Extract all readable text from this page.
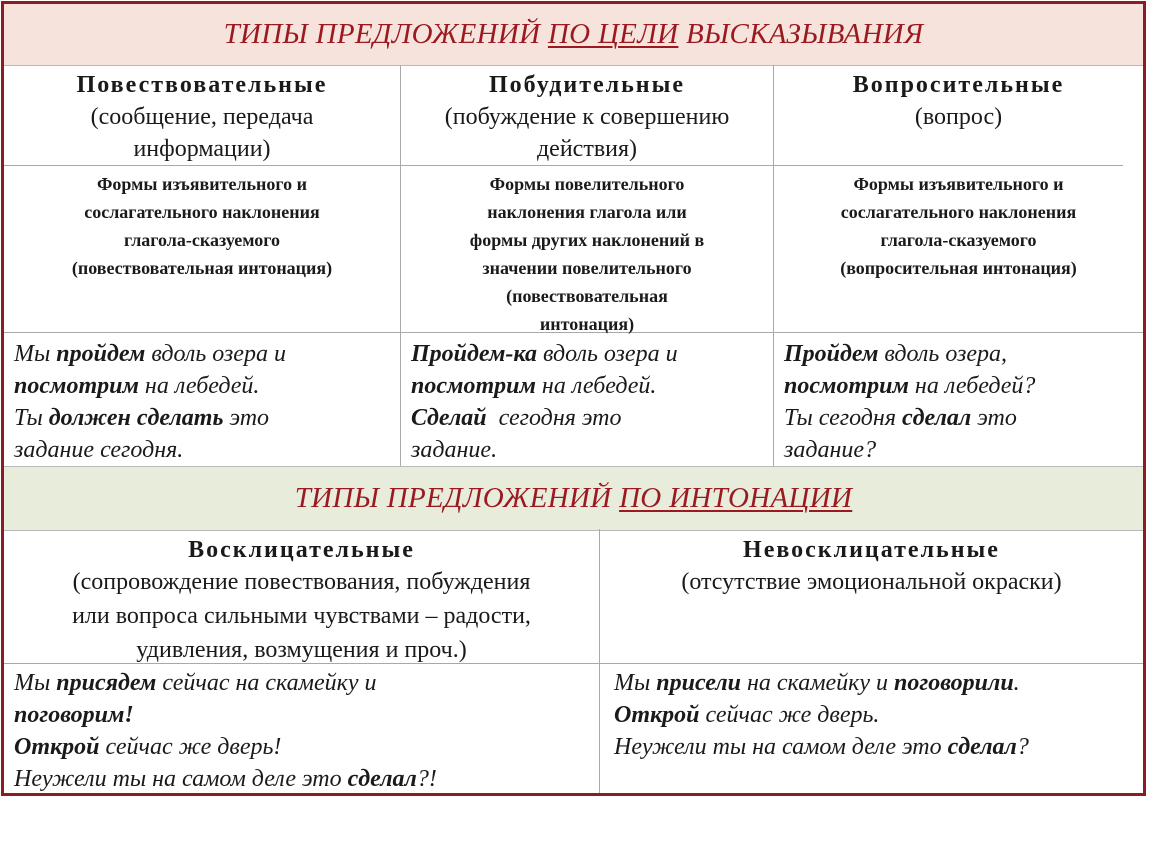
ТИПЫ ПРЕДЛОЖЕНИЙ
ПО ЦЕЛИ
ВЫСКАЗЫВАНИЯ
Повествовательные
(сообщение, передача
информации)
Побудительные
(побуждение к совершению
действия)
Вопросительные
(вопрос)
Формы изъявительного и
сослагательного наклонения
глагола-сказуемого
(повествовательная интонация)
Формы повелительного
наклонения глагола или
формы других наклонений в
значении повелительного
(повествовательная
интонация)
Формы изъявительного и
сослагательного наклонения
глагола-сказуемого
(вопросительная интонация)
Мы пройдем вдоль озера и
посмотрим на лебедей.
Ты должен сделать это
задание сегодня.
Пройдем-ка вдоль озера и
посмотрим на лебедей.
Сделай  сегодня это
задание.
Пройдем вдоль озера,
посмотрим на лебедей?
Ты сегодня сделал это
задание?
ТИПЫ ПРЕДЛОЖЕНИЙ
ПО ИНТОНАЦИИ
Восклицательные
(сопровождение повествования, побуждения
или вопроса сильными чувствами – радости,
удивления, возмущения и проч.)
Невосклицательные
(отсутствие эмоциональной окраски)
Мы присядем сейчас на скамейку и
поговорим!
Открой сейчас же дверь!
Неужели ты на самом деле это сделал?!
Мы присели на скамейку и поговорили.
Открой сейчас же дверь.
Неужели ты на самом деле это сделал?
